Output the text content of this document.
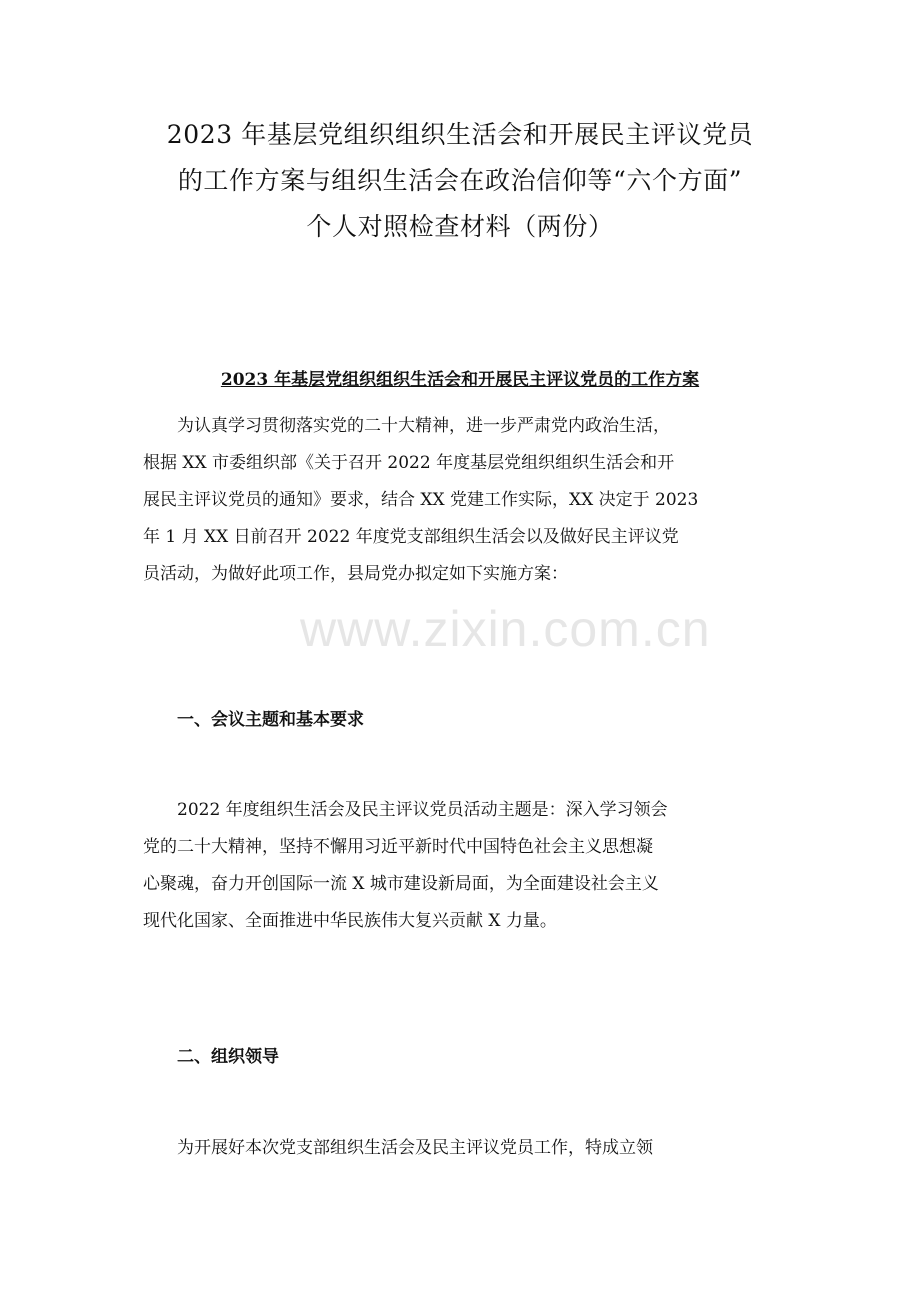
2023 年基层党组织组织生活会和开展民主评议党员
的工作方案与组织生活会在政治信仰等“六个方面”
个人对照检查材料（两份）
2023 年基层党组织组织生活会和开展民主评议党员的工作方案
为认真学习贯彻落实党的二十大精神，进一步严肃党内政治生活，
根据 XX 市委组织部《关于召开 2022 年度基层党组织组织生活会和开
展民主评议党员的通知》要求，结合 XX 党建工作实际，XX 决定于 2023
年 1 月 XX 日前召开 2022 年度党支部组织生活会以及做好民主评议党
员活动，为做好此项工作，县局党办拟定如下实施方案：
一、会议主题和基本要求
2022 年度组织生活会及民主评议党员活动主题是：深入学习领会
党的二十大精神，坚持不懈用习近平新时代中国特色社会主义思想凝
心聚魂，奋力开创国际一流 X 城市建设新局面，为全面建设社会主义
现代化国家、全面推进中华民族伟大复兴贡献 X 力量。
二、组织领导
为开展好本次党支部组织生活会及民主评议党员工作，特成立领
www.zixin.com.cn
